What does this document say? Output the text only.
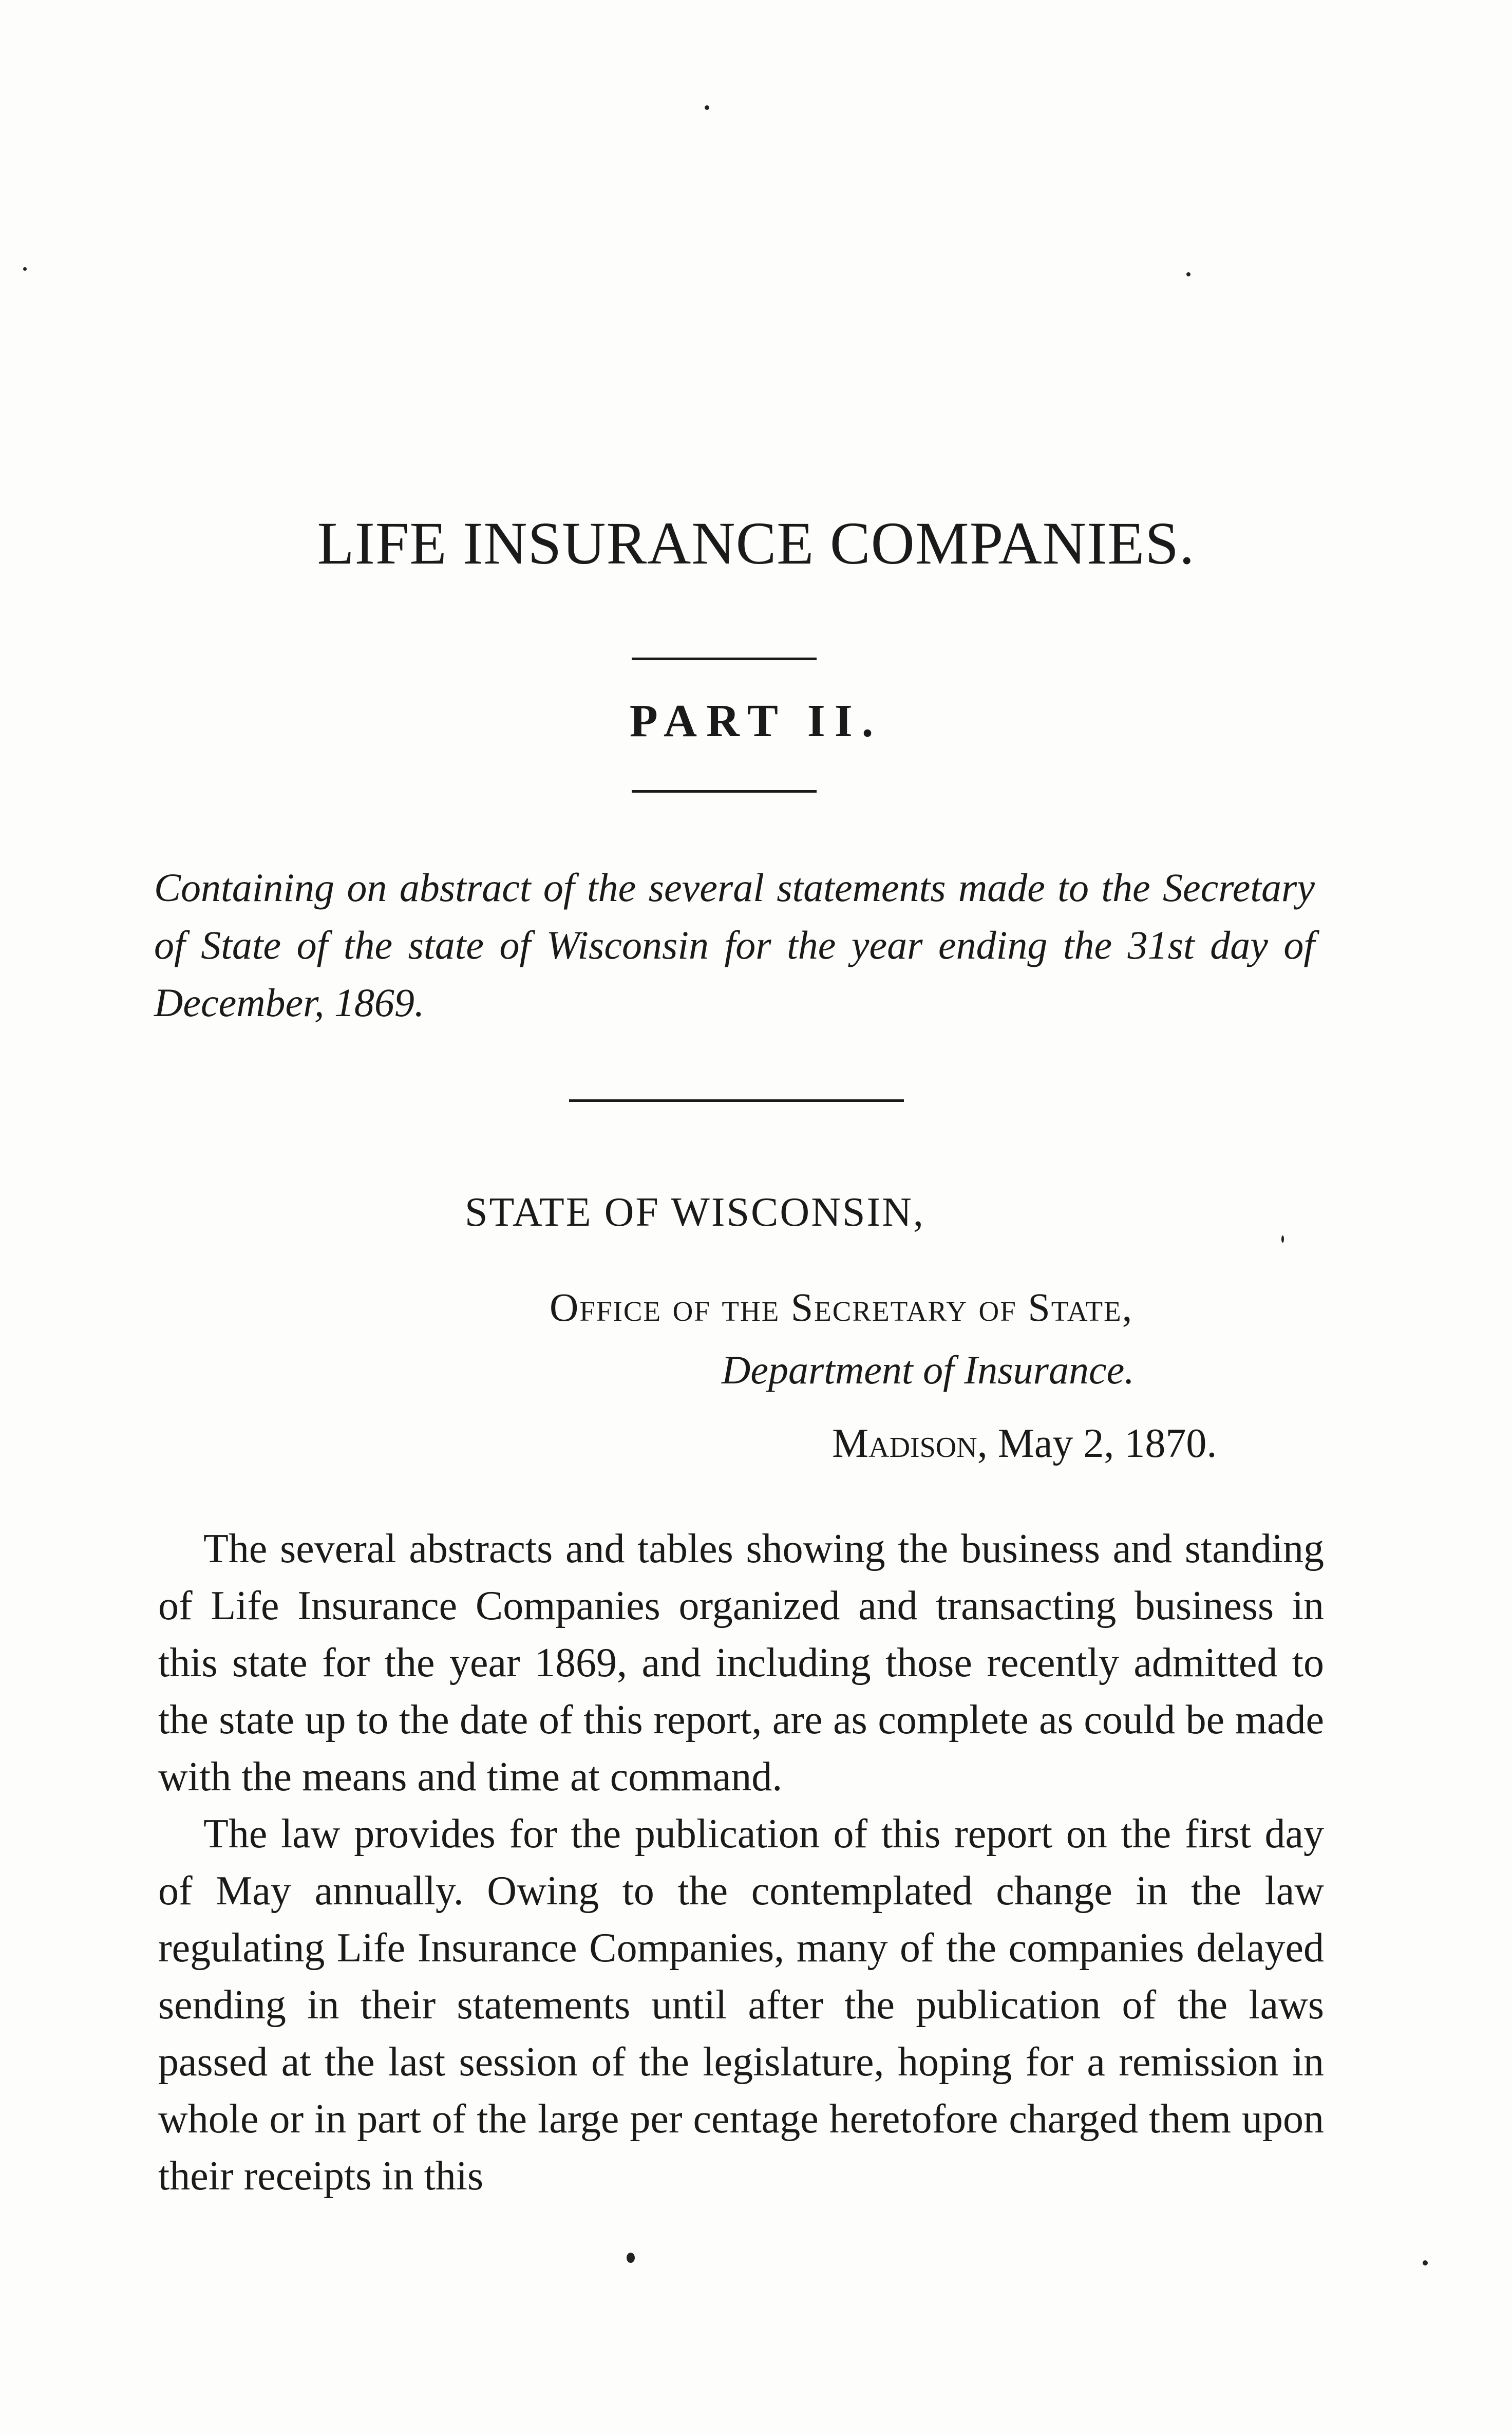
LIFE INSURANCE COMPANIES.
PART II.

Containing on abstract of the several statements made to the Secretary of State of the state of Wisconsin for the year ending the 31st day of December, 1869.

STATE OF WISCONSIN,
Office of the Secretary of State,
Department of Insurance.
Madison, May 2, 1870.

The several abstracts and tables showing the business and standing of Life Insurance Companies organized and transacting business in this state for the year 1869, and including those recently admitted to the state up to the date of this report, are as complete as could be made with the means and time at command.

The law provides for the publication of this report on the first day of May annually. Owing to the contemplated change in the law regulating Life Insurance Companies, many of the companies delayed sending in their statements until after the publication of the laws passed at the last session of the legislature, hoping for a remission in whole or in part of the large per centage heretofore charged them upon their receipts in this
